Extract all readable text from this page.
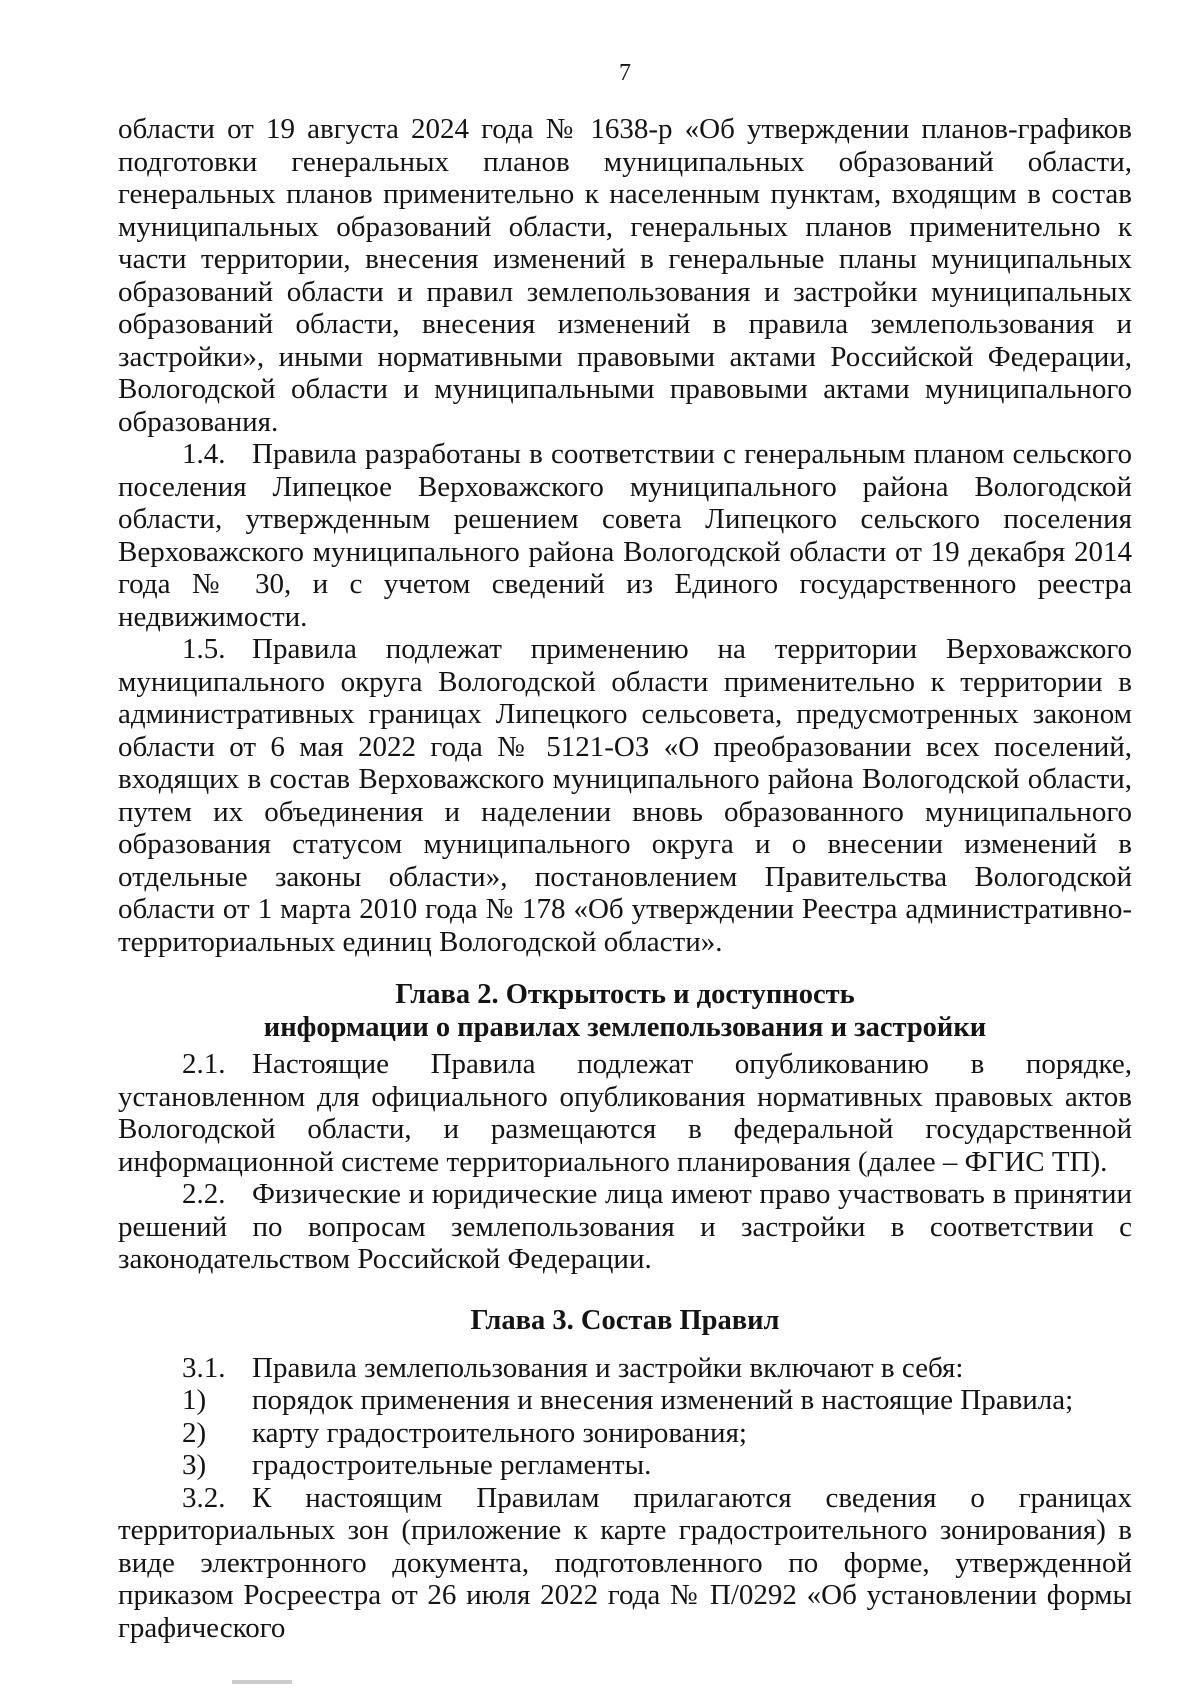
7

области от 19 августа 2024 года № 1638-р «Об утверждении планов-графиков подготовки генеральных планов муниципальных образований области, генеральных планов применительно к населенным пунктам, входящим в состав муниципальных образований области, генеральных планов применительно к части территории, внесения изменений в генеральные планы муниципальных образований области и правил землепользования и застройки муниципальных образований области, внесения изменений в правила землепользования и застройки», иными нормативными правовыми актами Российской Федерации, Вологодской области и муниципальными правовыми актами муниципального образования.

1.4. Правила разработаны в соответствии с генеральным планом сельского поселения Липецкое Верховажского муниципального района Вологодской области, утвержденным решением совета Липецкого сельского поселения Верховажского муниципального района Вологодской области от 19 декабря 2014 года № 30, и с учетом сведений из Единого государственного реестра недвижимости.

1.5. Правила подлежат применению на территории Верховажского муниципального округа Вологодской области применительно к территории в административных границах Липецкого сельсовета, предусмотренных законом области от 6 мая 2022 года № 5121-ОЗ «О преобразовании всех поселений, входящих в состав Верховажского муниципального района Вологодской области, путем их объединения и наделении вновь образованного муниципального образования статусом муниципального округа и о внесении изменений в отдельные законы области», постановлением Правительства Вологодской области от 1 марта 2010 года № 178 «Об утверждении Реестра административно-территориальных единиц Вологодской области».

Глава 2. Открытость и доступность
информации о правилах землепользования и застройки

2.1. Настоящие Правила подлежат опубликованию в порядке, установленном для официального опубликования нормативных правовых актов Вологодской области, и размещаются в федеральной государственной информационной системе территориального планирования (далее – ФГИС ТП).

2.2. Физические и юридические лица имеют право участвовать в принятии решений по вопросам землепользования и застройки в соответствии с законодательством Российской Федерации.

Глава 3. Состав Правил

3.1. Правила землепользования и застройки включают в себя:

1) порядок применения и внесения изменений в настоящие Правила;

2) карту градостроительного зонирования;

3) градостроительные регламенты.

3.2. К настоящим Правилам прилагаются сведения о границах территориальных зон (приложение к карте градостроительного зонирования) в виде электронного документа, подготовленного по форме, утвержденной приказом Росреестра от 26 июля 2022 года № П/0292 «Об установлении формы графического
